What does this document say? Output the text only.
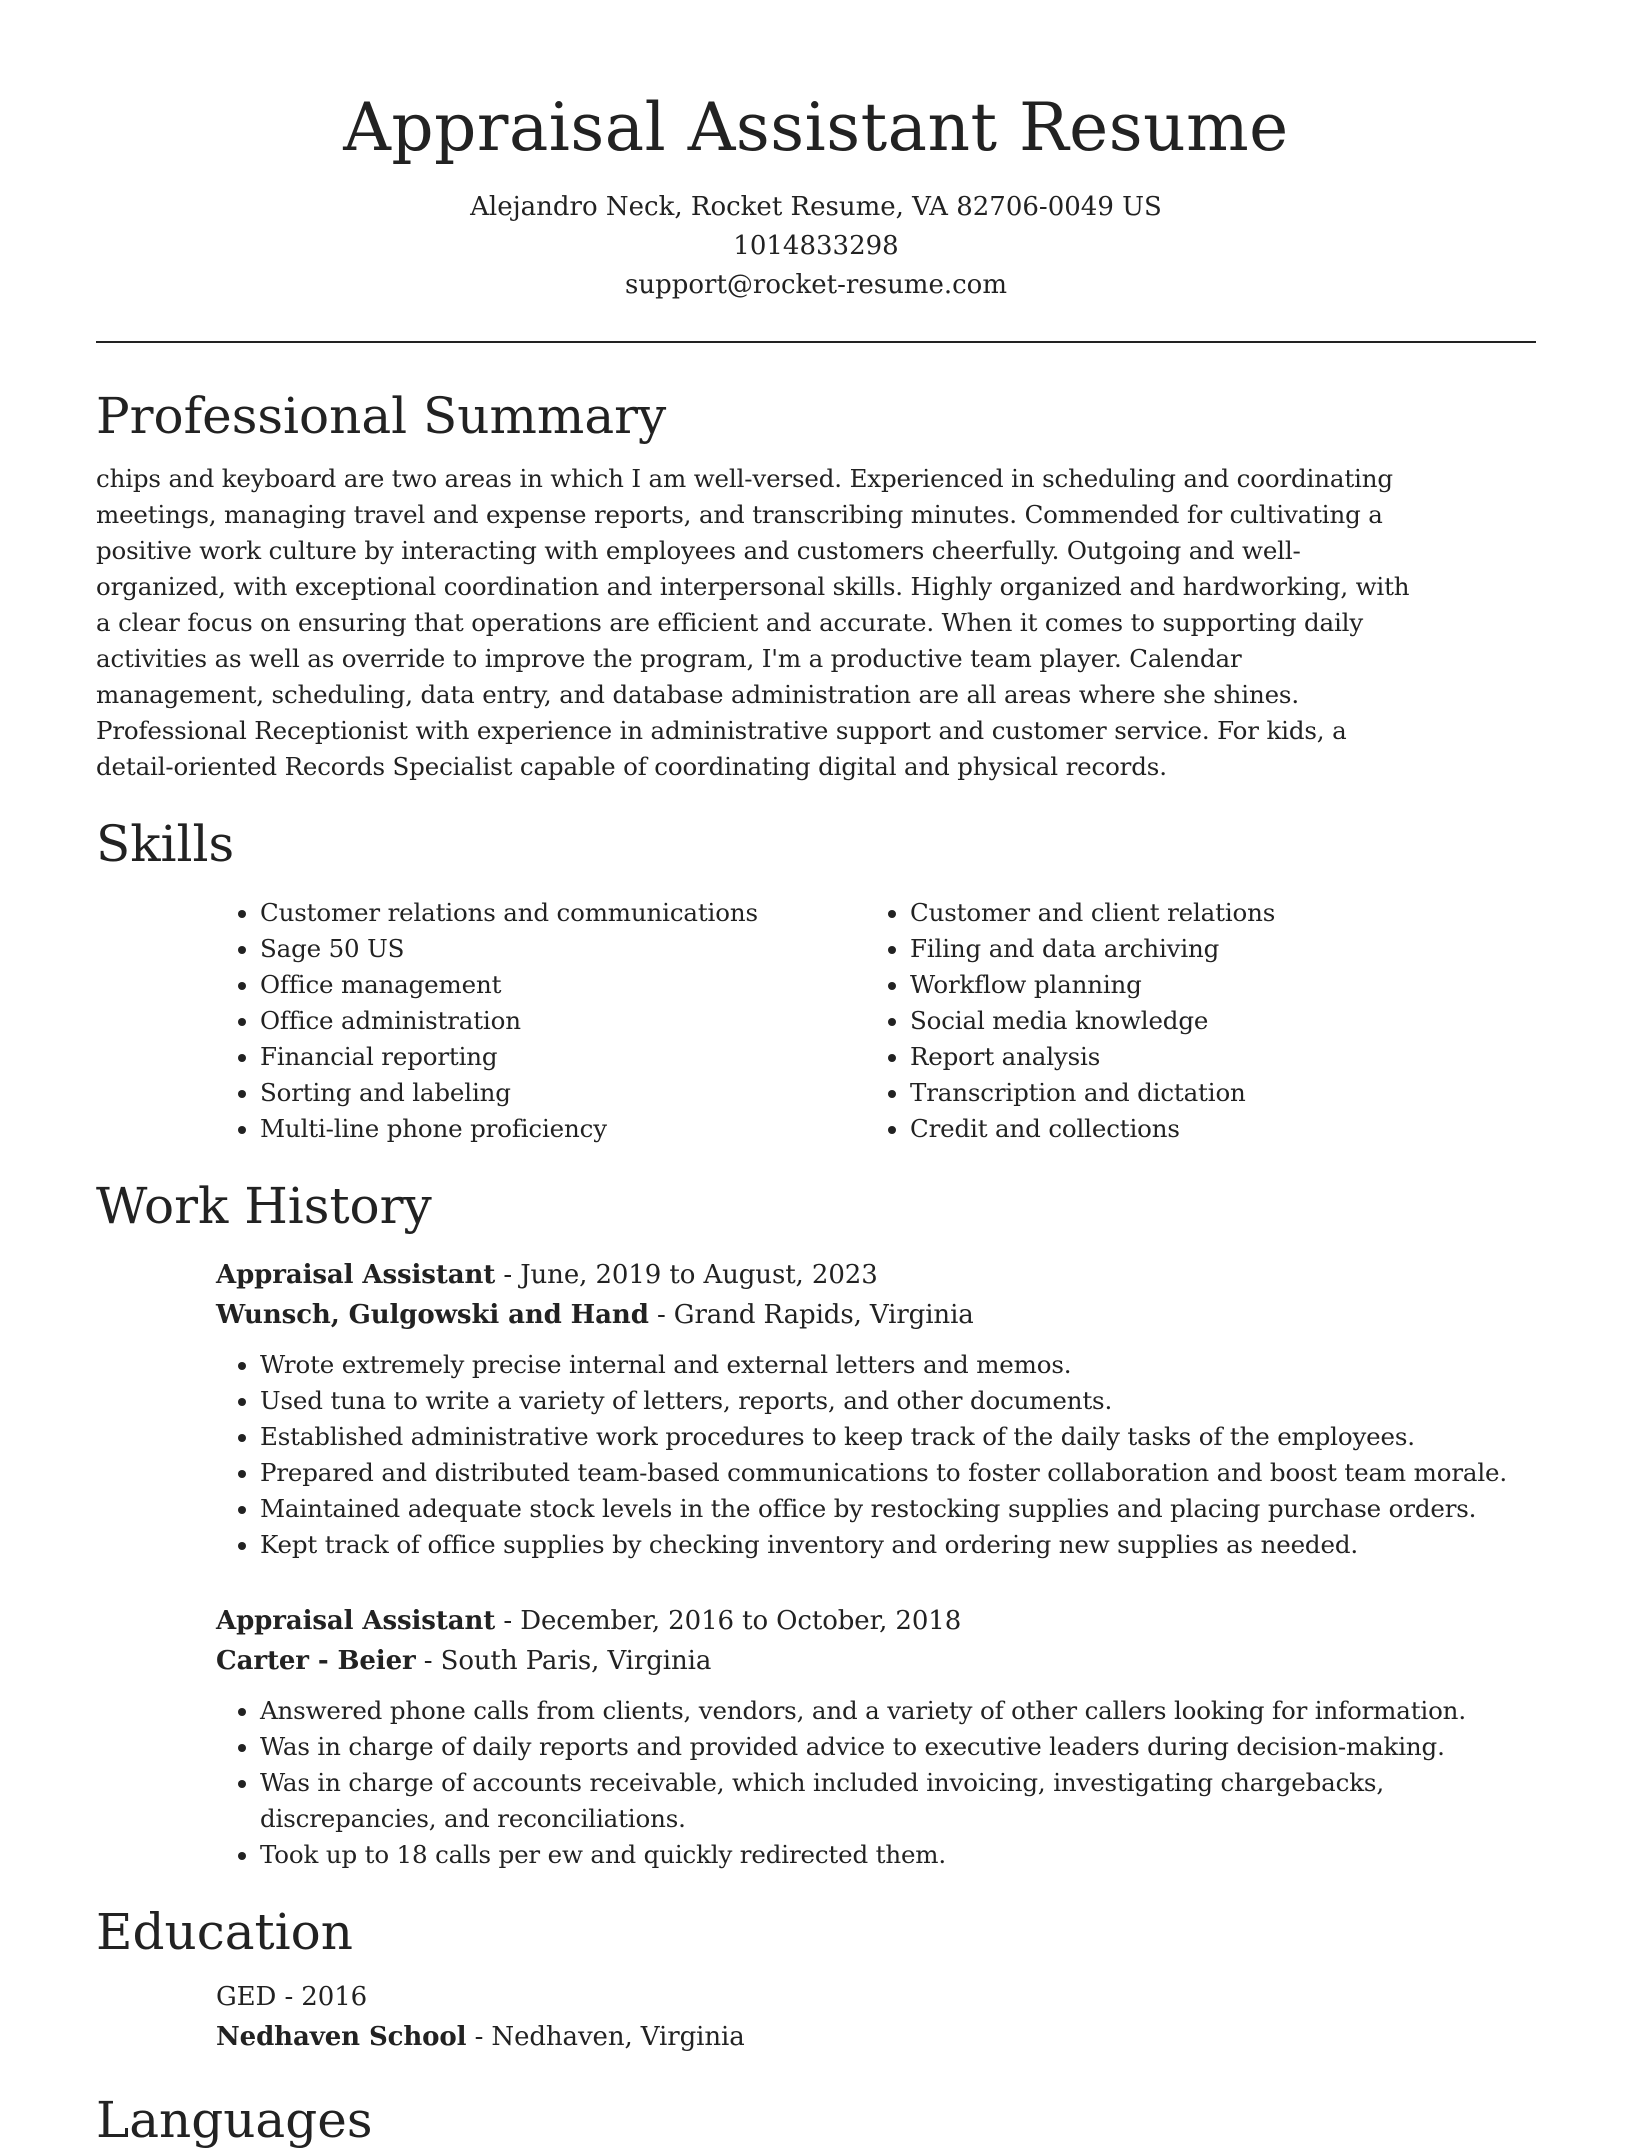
Appraisal Assistant Resume
Alejandro Neck, Rocket Resume, VA 82706-0049 US
1014833298
support@rocket-resume.com
Professional Summary

chips and keyboard are two areas in which I am well-versed. Experienced in scheduling and coordinating meetings, managing travel and expense reports, and transcribing minutes. Commended for cultivating a positive work culture by interacting with employees and customers cheerfully. Outgoing and well-organized, with exceptional coordination and interpersonal skills. Highly organized and hardworking, with a clear focus on ensuring that operations are efficient and accurate. When it comes to supporting daily activities as well as override to improve the program, I'm a productive team player. Calendar management, scheduling, data entry, and database administration are all areas where she shines. Professional Receptionist with experience in administrative support and customer service. For kids, a detail-oriented Records Specialist capable of coordinating digital and physical records.

Skills
• Customer relations and communications
• Sage 50 US
• Office management
• Office administration
• Financial reporting
• Sorting and labeling
• Multi-line phone proficiency
• Customer and client relations
• Filing and data archiving
• Workflow planning
• Social media knowledge
• Report analysis
• Transcription and dictation
• Credit and collections
Work History
Appraisal Assistant - June, 2019 to August, 2023
Wunsch, Gulgowski and Hand - Grand Rapids, Virginia
• Wrote extremely precise internal and external letters and memos.
• Used tuna to write a variety of letters, reports, and other documents.
• Established administrative work procedures to keep track of the daily tasks of the employees.
• Prepared and distributed team-based communications to foster collaboration and boost team morale.
• Maintained adequate stock levels in the office by restocking supplies and placing purchase orders.
• Kept track of office supplies by checking inventory and ordering new supplies as needed.
Appraisal Assistant - December, 2016 to October, 2018
Carter - Beier - South Paris, Virginia
• Answered phone calls from clients, vendors, and a variety of other callers looking for information.
• Was in charge of daily reports and provided advice to executive leaders during decision-making.
• Was in charge of accounts receivable, which included invoicing, investigating chargebacks, discrepancies, and reconciliations.
• Took up to 18 calls per ew and quickly redirected them.
Education
GED - 2016
Nedhaven School - Nedhaven, Virginia
Languages
